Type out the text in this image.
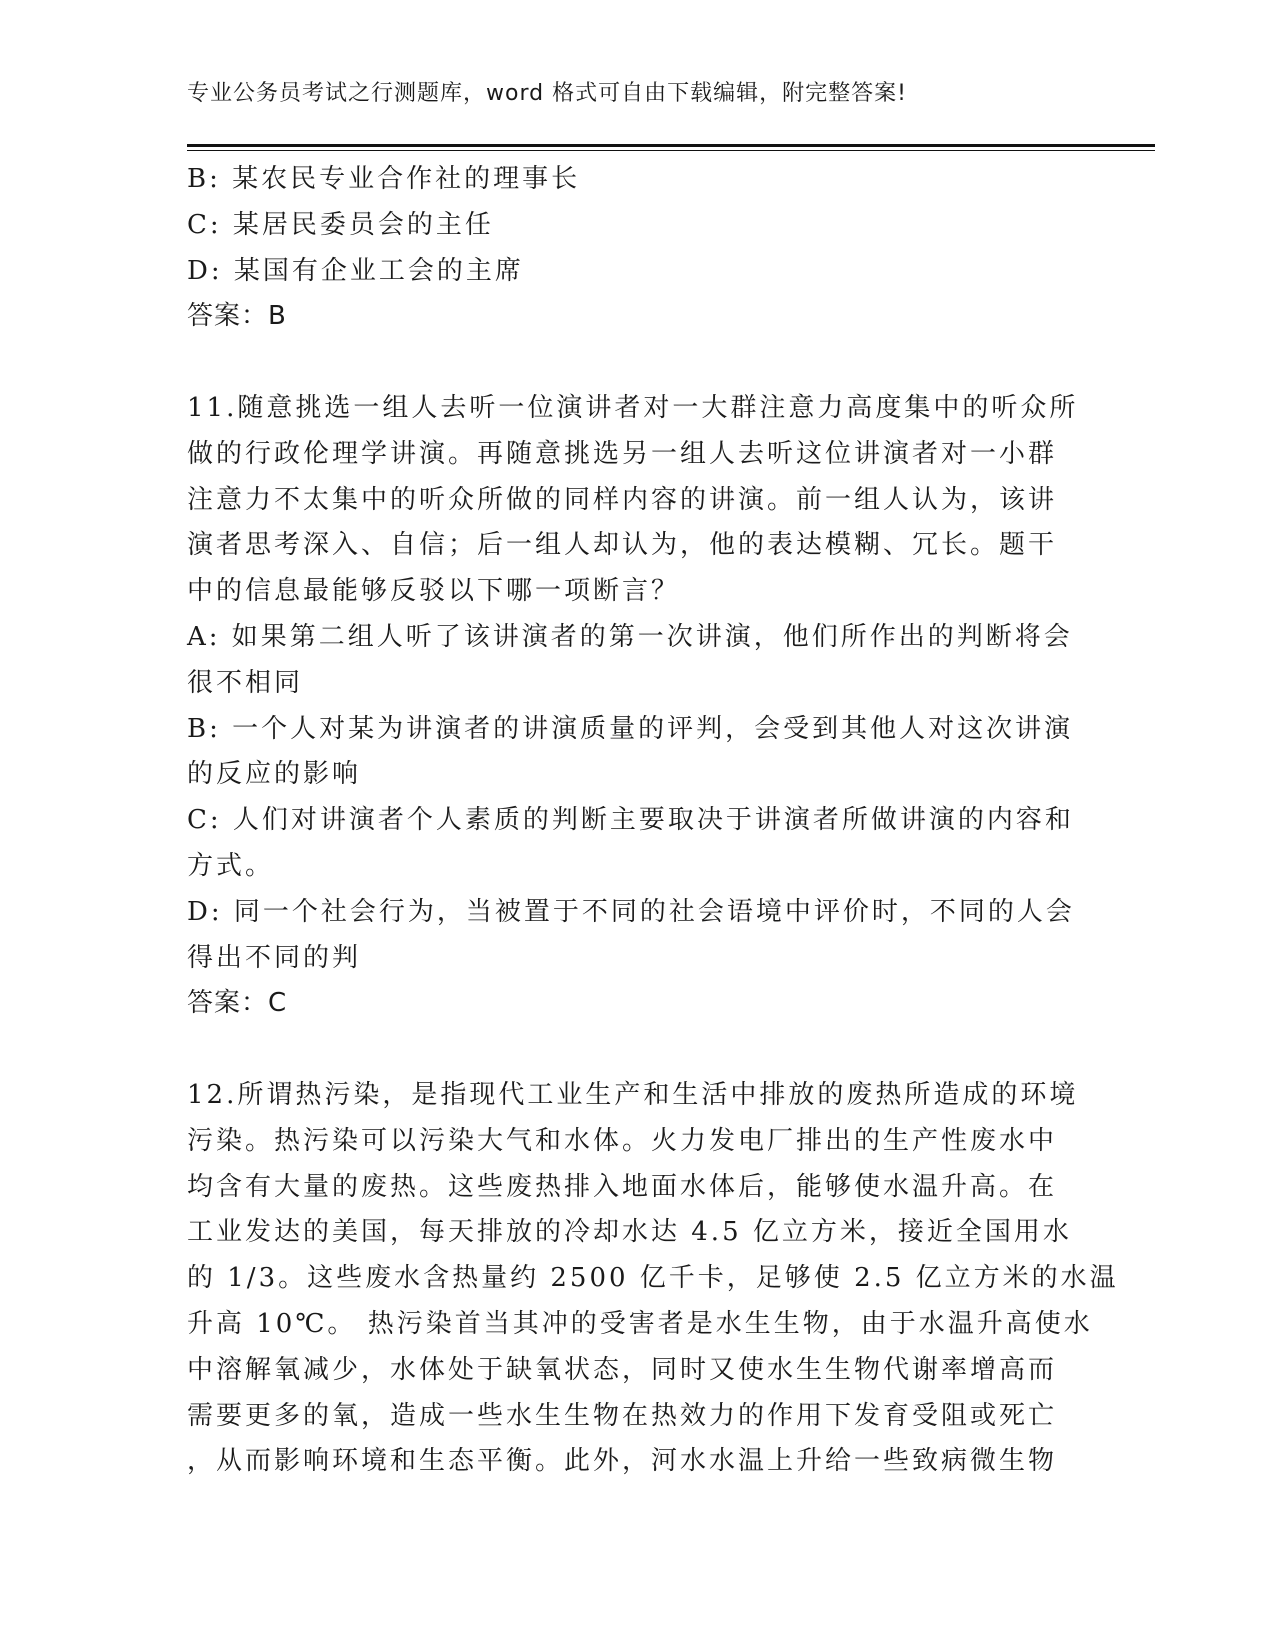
专业公务员考试之行测题库，word 格式可自由下载编辑，附完整答案!
B: 某农民专业合作社的理事长
C: 某居民委员会的主任
D: 某国有企业工会的主席
答案：B
11.随意挑选一组人去听一位演讲者对一大群注意力高度集中的听众所
做的行政伦理学讲演。再随意挑选另一组人去听这位讲演者对一小群
注意力不太集中的听众所做的同样内容的讲演。前一组人认为，该讲
演者思考深入、自信；后一组人却认为，他的表达模糊、冗长。题干
中的信息最能够反驳以下哪一项断言？
A: 如果第二组人听了该讲演者的第一次讲演，他们所作出的判断将会
很不相同
B: 一个人对某为讲演者的讲演质量的评判，会受到其他人对这次讲演
的反应的影响
C: 人们对讲演者个人素质的判断主要取决于讲演者所做讲演的内容和
方式。
D: 同一个社会行为，当被置于不同的社会语境中评价时，不同的人会
得出不同的判
答案：C
12.所谓热污染，是指现代工业生产和生活中排放的废热所造成的环境
污染。热污染可以污染大气和水体。火力发电厂排出的生产性废水中
均含有大量的废热。这些废热排入地面水体后，能够使水温升高。在
工业发达的美国，每天排放的冷却水达 4.5 亿立方米，接近全国用水
的 1/3。这些废水含热量约 2500 亿千卡，足够使 2.5 亿立方米的水温
升高 10℃。 热污染首当其冲的受害者是水生生物，由于水温升高使水
中溶解氧减少，水体处于缺氧状态，同时又使水生生物代谢率增高而
需要更多的氧，造成一些水生生物在热效力的作用下发育受阻或死亡
，从而影响环境和生态平衡。此外，河水水温上升给一些致病微生物
